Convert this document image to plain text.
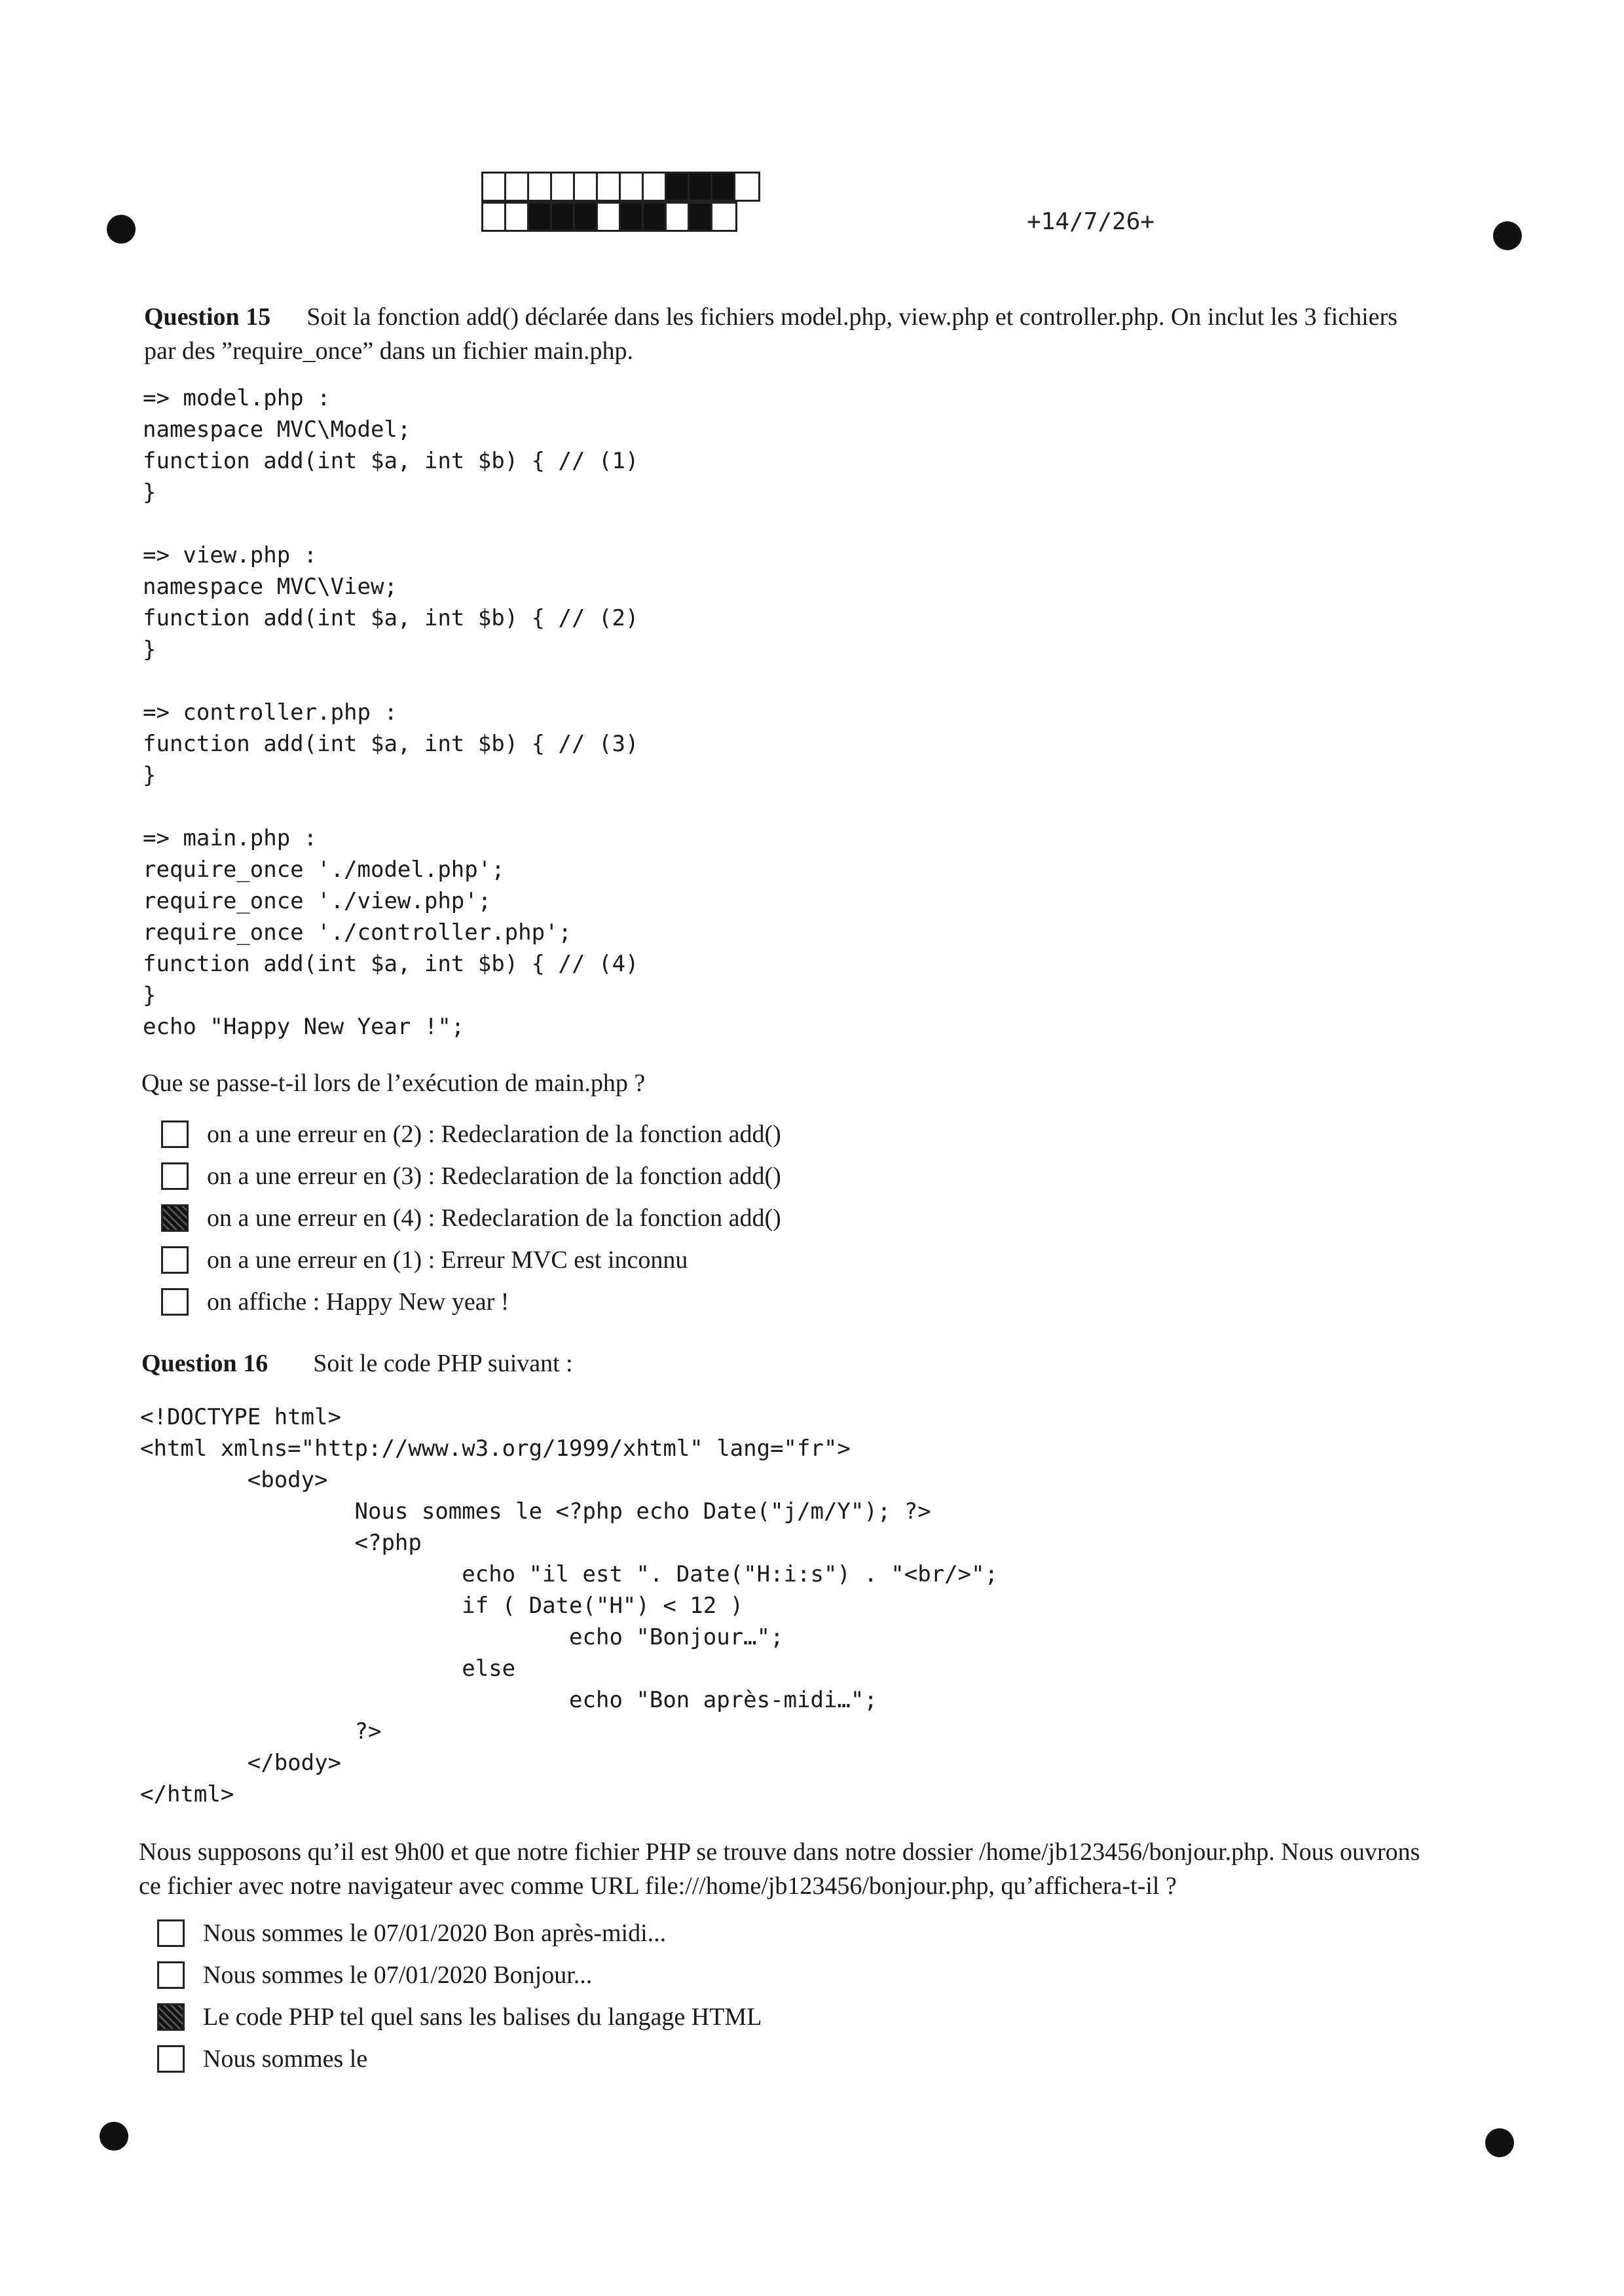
+14/7/26+
Question 15 Soit la fonction add() déclarée dans les fichiers model.php, view.php et controller.php. On inclut les 3 fichiers
par des ”require_once” dans un fichier main.php.
=> model.php :
namespace MVC\Model;
function add(int $a, int $b) { // (1)
}

=> view.php :
namespace MVC\View;
function add(int $a, int $b) { // (2)
}

=> controller.php :
function add(int $a, int $b) { // (3)
}

=> main.php :
require_once './model.php';
require_once './view.php';
require_once './controller.php';
function add(int $a, int $b) { // (4)
}
echo "Happy New Year !";
Que se passe-t-il lors de l’exécution de main.php ?
on a une erreur en (2) : Redeclaration de la fonction add()
on a une erreur en (3) : Redeclaration de la fonction add()
on a une erreur en (4) : Redeclaration de la fonction add()
on a une erreur en (1) : Erreur MVC est inconnu
on affiche : Happy New year !
Question 16 Soit le code PHP suivant :
<!DOCTYPE html>
<html xmlns="http://www.w3.org/1999/xhtml" lang="fr">
<body>
Nous sommes le <?php echo Date("j/m/Y"); ?>
<?php
echo "il est ". Date("H:i:s") . "<br/>";
if ( Date("H") < 12 )
echo "Bonjour…";
else
echo "Bon après-midi…";
?>
</body>
</html>
Nous supposons qu’il est 9h00 et que notre fichier PHP se trouve dans notre dossier /home/jb123456/bonjour.php. Nous ouvrons
ce fichier avec notre navigateur avec comme URL file:///home/jb123456/bonjour.php, qu’affichera-t-il ?
Nous sommes le 07/01/2020 Bon après-midi...
Nous sommes le 07/01/2020 Bonjour...
Le code PHP tel quel sans les balises du langage HTML
Nous sommes le
